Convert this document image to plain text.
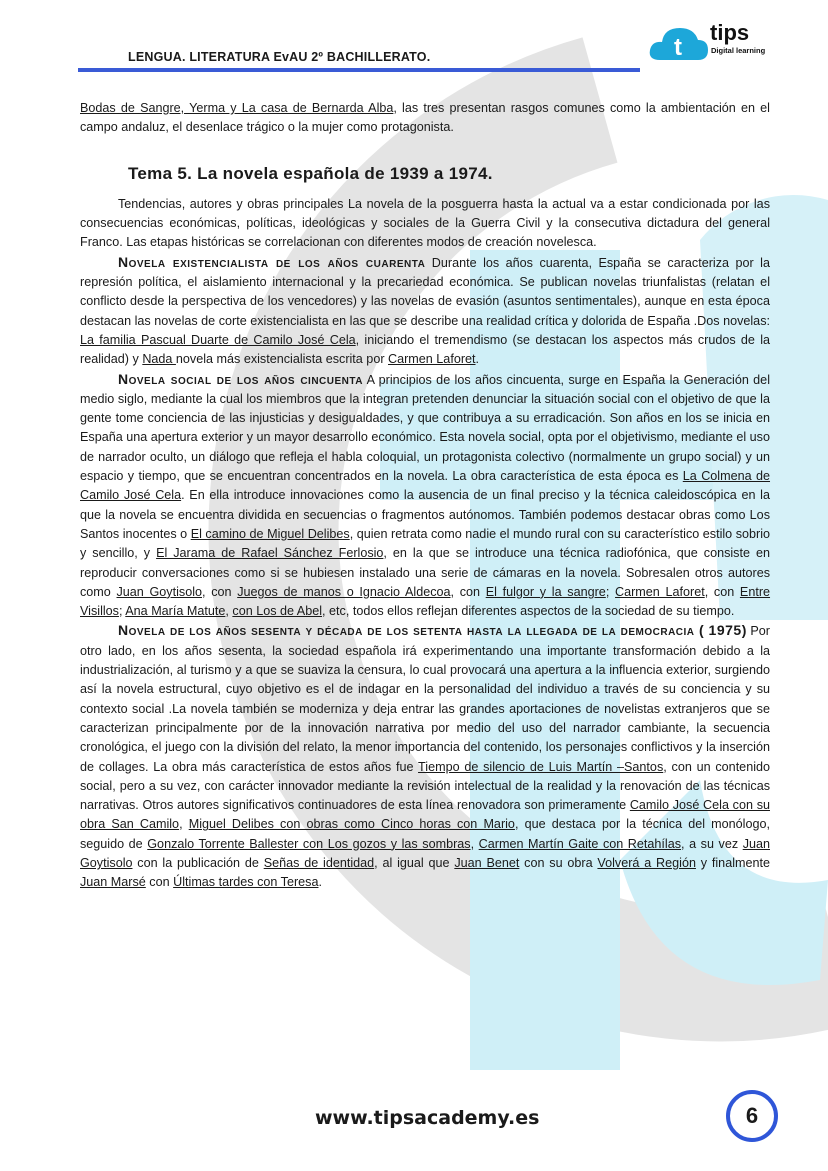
LENGUA. LITERATURA EvAU 2º BACHILLERATO.	t
tips
Digital learning

Bodas de Sangre, Yerma y La casa de Bernarda Alba, las tres presentan rasgos comunes como la ambientación en el campo andaluz, el desenlace trágico o la mujer como protagonista.

Tema 5. La novela española de 1939 a 1974.

Tendencias, autores y obras principales La novela de la posguerra hasta la actual va a estar condicionada por las consecuencias económicas, políticas, ideológicas y sociales de la Guerra Civil y la consecutiva dictadura del general Franco. Las etapas históricas se correlacionan con diferentes modos de creación novelesca.

Novela existencialista de los años cuarenta Durante los años cuarenta, España se caracteriza por la represión política, el aislamiento internacional y la precariedad económica. Se publican novelas triunfalistas (relatan el conflicto desde la perspectiva de los vencedores) y las novelas de evasión (asuntos sentimentales), aunque en esta época destacan las novelas de corte existencialista en las que se describe una realidad crítica y dolorida de España .Dos novelas: La familia Pascual Duarte de Camilo José Cela, iniciando el tremendismo (se destacan los aspectos más crudos de la realidad) y Nada novela más existencialista escrita por Carmen Laforet.

Novela social de los años cincuenta A principios de los años cincuenta, surge en España la Generación del medio siglo, mediante la cual los miembros que la integran pretenden denunciar la situación social con el objetivo de que la gente tome conciencia de las injusticias y desigualdades, y que contribuya a su erradicación. Son años en los se inicia en España una apertura exterior y un mayor desarrollo económico. Esta novela social, opta por el objetivismo, mediante el uso de narrador oculto, un diálogo que refleja el habla coloquial, un protagonista colectivo (normalmente un grupo social) y un espacio y tiempo, que se encuentran concentrados en la novela. La obra característica de esta época es La Colmena de Camilo José Cela. En ella introduce innovaciones como la ausencia de un final preciso y la técnica caleidoscópica en la que la novela se encuentra dividida en secuencias o fragmentos autónomos. También podemos destacar obras como Los Santos inocentes o El camino de Miguel Delibes, quien retrata como nadie el mundo rural con su característico estilo sobrio y sencillo, y El Jarama de Rafael Sánchez Ferlosio, en la que se introduce una técnica radiofónica, que consiste en reproducir conversaciones como si se hubiesen instalado una serie de cámaras en la novela. Sobresalen otros autores como Juan Goytisolo, con Juegos de manos o Ignacio Aldecoa, con El fulgor y la sangre; Carmen Laforet, con Entre Visillos; Ana María Matute, con Los de Abel, etc, todos ellos reflejan diferentes aspectos de la sociedad de su tiempo.

Novela de los años sesenta y década de los setenta hasta la llegada de la democracia ( 1975) Por otro lado, en los años sesenta, la sociedad española irá experimentando una importante transformación debido a la industrialización, al turismo y a que se suaviza la censura, lo cual provocará una apertura a la influencia exterior, surgiendo así la novela estructural, cuyo objetivo es el de indagar en la personalidad del individuo a través de su conciencia y su contexto social .La novela también se moderniza y deja entrar las grandes aportaciones de novelistas extranjeros que se caracterizan principalmente por de la innovación narrativa por medio del uso del narrador cambiante, la secuencia cronológica, el juego con la división del relato, la menor importancia del contenido, los personajes conflictivos y la inserción de collages. La obra más característica de estos años fue Tiempo de silencio de Luis Martín –Santos, con un contenido social, pero a su vez, con carácter innovador mediante la revisión intelectual de la realidad y la renovación de las técnicas narrativas. Otros autores significativos continuadores de esta línea renovadora son primeramente Camilo José Cela con su obra San Camilo, Miguel Delibes con obras como Cinco horas con Mario, que destaca por la técnica del monólogo, seguido de Gonzalo Torrente Ballester con Los gozos y las sombras, Carmen Martín Gaite con Retahílas, a su vez Juan Goytisolo con la publicación de Señas de identidad, al igual que Juan Benet con su obra Volverá a Región y finalmente Juan Marsé con Últimas tardes con Teresa.

www.tipsacademy.es	6
